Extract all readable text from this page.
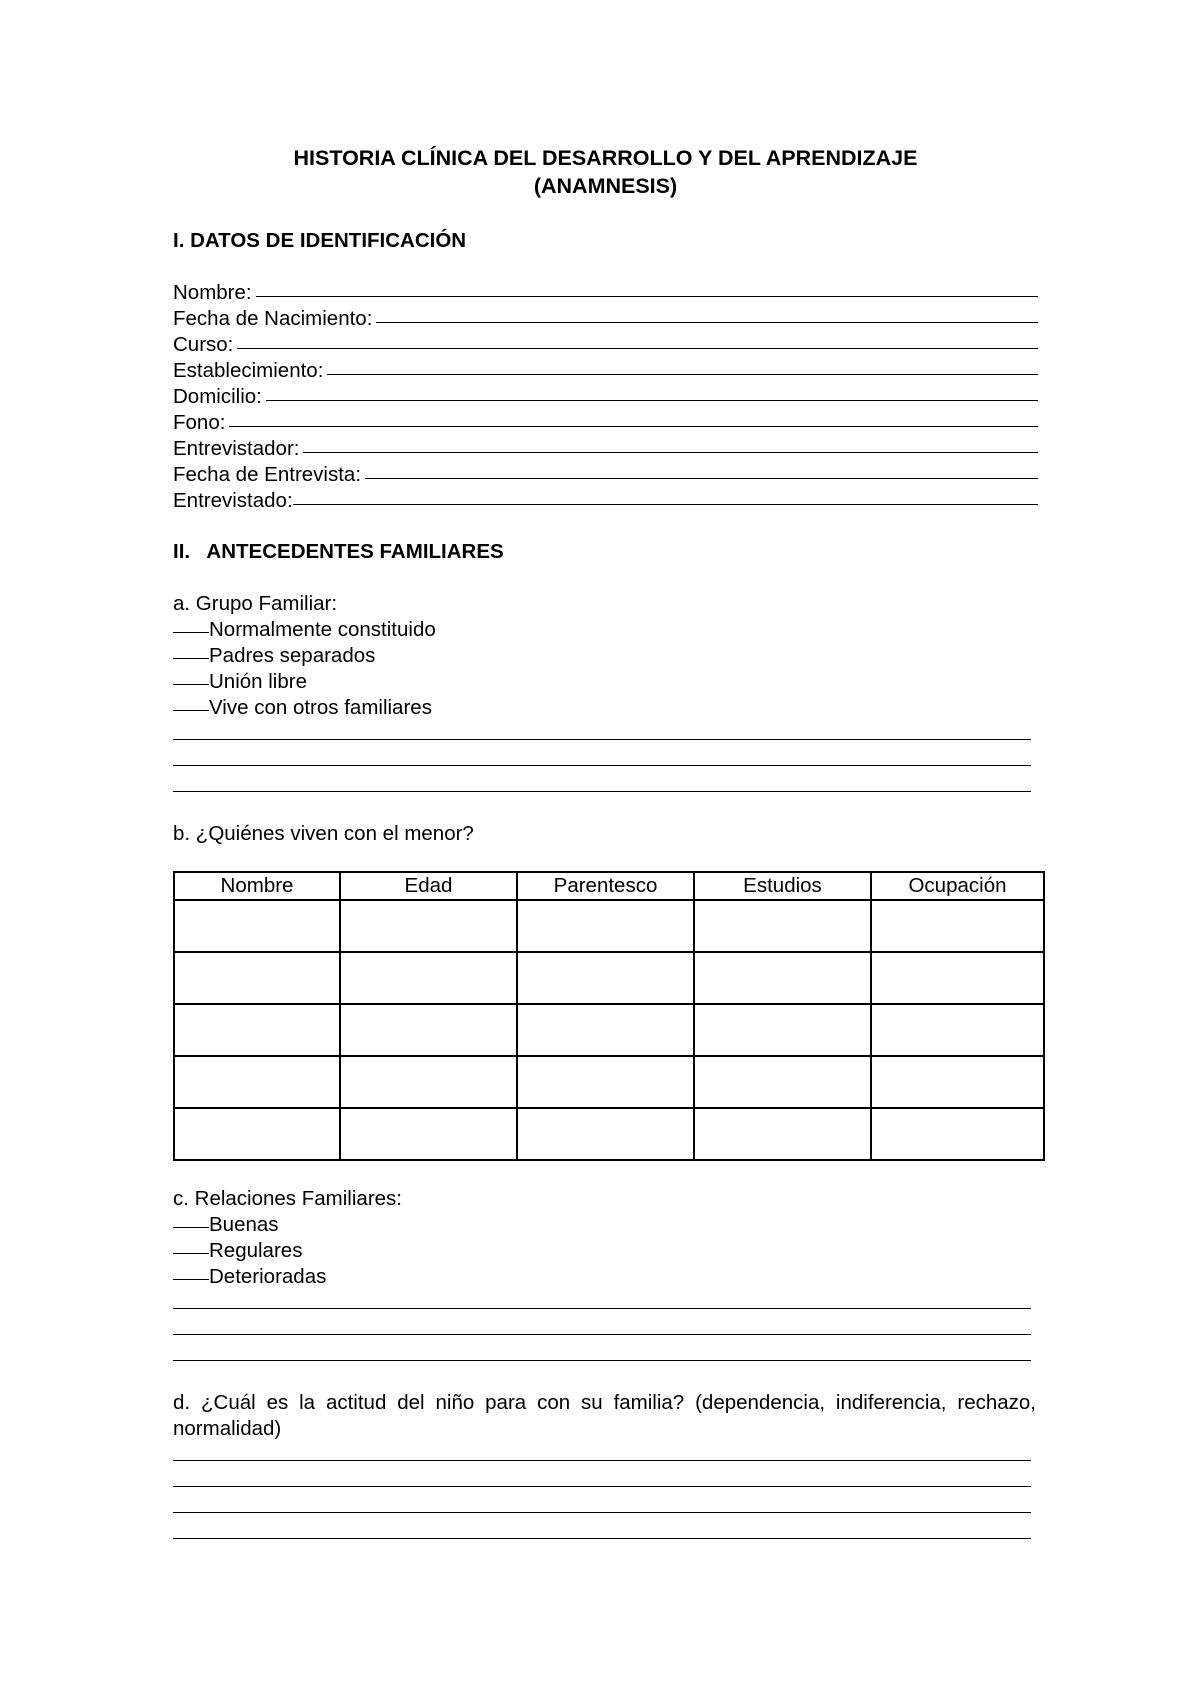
HISTORIA CLÍNICA DEL DESARROLLO Y DEL APRENDIZAJE
(ANAMNESIS)
I. DATOS DE IDENTIFICACIÓN
Nombre:
Fecha de Nacimiento:
Curso:
Establecimiento:
Domicilio:
Fono:
Entrevistador:
Fecha de Entrevista:
Entrevistado:
II.   ANTECEDENTES FAMILIARES
a. Grupo Familiar:
Normalmente constituido
Padres separados
Unión libre
Vive con otros familiares
b. ¿Quiénes viven con el menor?
Nombre	Edad	Parentesco	Estudios	Ocupación

c. Relaciones Familiares:
Buenas
Regulares
Deterioradas
d. ¿Cuál es la actitud del niño para con su familia? (dependencia, indiferencia, rechazo, normalidad)
